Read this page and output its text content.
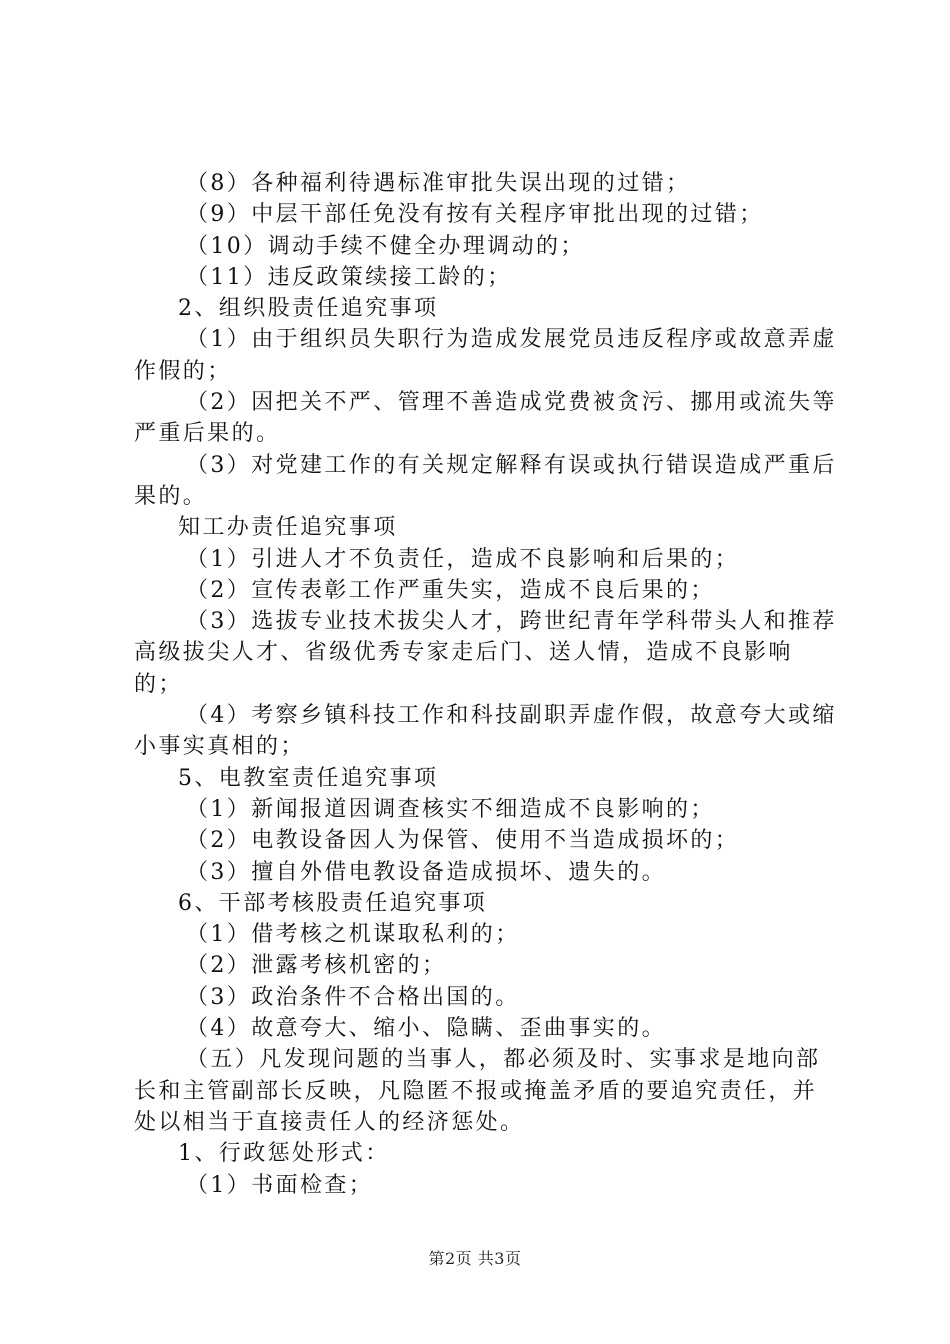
（8）各种福利待遇标准审批失误出现的过错；

（9）中层干部任免没有按有关程序审批出现的过错；

（10）调动手续不健全办理调动的；

（11）违反政策续接工龄的；

2、组织股责任追究事项

（1）由于组织员失职行为造成发展党员违反程序或故意弄虚作假的；

（2）因把关不严、管理不善造成党费被贪污、挪用或流失等严重后果的。

（3）对党建工作的有关规定解释有误或执行错误造成严重后果的。

知工办责任追究事项

（1）引进人才不负责任，造成不良影响和后果的；

（2）宣传表彰工作严重失实，造成不良后果的；

（3）选拔专业技术拔尖人才，跨世纪青年学科带头人和推荐高级拔尖人才、省级优秀专家走后门、送人情，造成不良影响的；

（4）考察乡镇科技工作和科技副职弄虚作假，故意夸大或缩小事实真相的；

5、电教室责任追究事项

（1）新闻报道因调查核实不细造成不良影响的；

（2）电教设备因人为保管、使用不当造成损坏的；

（3）擅自外借电教设备造成损坏、遗失的。

6、干部考核股责任追究事项

（1）借考核之机谋取私利的；

（2）泄露考核机密的；

（3）政治条件不合格出国的。

（4）故意夸大、缩小、隐瞒、歪曲事实的。

（五）凡发现问题的当事人，都必须及时、实事求是地向部长和主管副部长反映，凡隐匿不报或掩盖矛盾的要追究责任，并处以相当于直接责任人的经济惩处。

1、行政惩处形式：

（1）书面检查；

第2页 共3页
